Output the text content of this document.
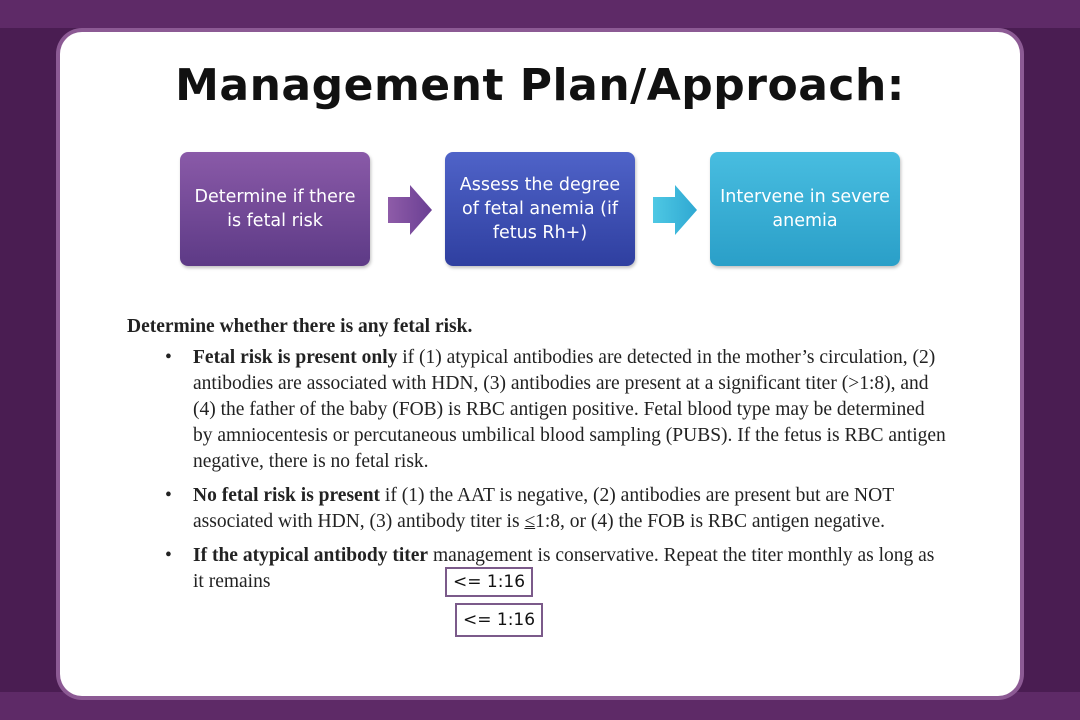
Management Plan/Approach:
Determine if there is fetal risk
Assess the degree of fetal anemia (if fetus Rh+)
Intervene in severe anemia
Determine whether there is any fetal risk.
• Fetal risk is present only if (1) atypical antibodies are detected in the mother’s circulation, (2) antibodies are associated with HDN, (3) antibodies are present at a significant titer (>1:8), and (4) the father of the baby (FOB) is RBC antigen positive. Fetal blood type may be determined by amniocentesis or percutaneous umbilical blood sampling (PUBS). If the fetus is RBC antigen negative, there is no fetal risk.
• No fetal risk is present if (1) the AAT is negative, (2) antibodies are present but are NOT associated with HDN, (3) antibody titer is ≤1:8, or (4) the FOB is RBC antigen negative.
• If the atypical antibody titer management is conservative. Repeat the titer monthly as long as it remains	<= 1:16
<= 1:16
